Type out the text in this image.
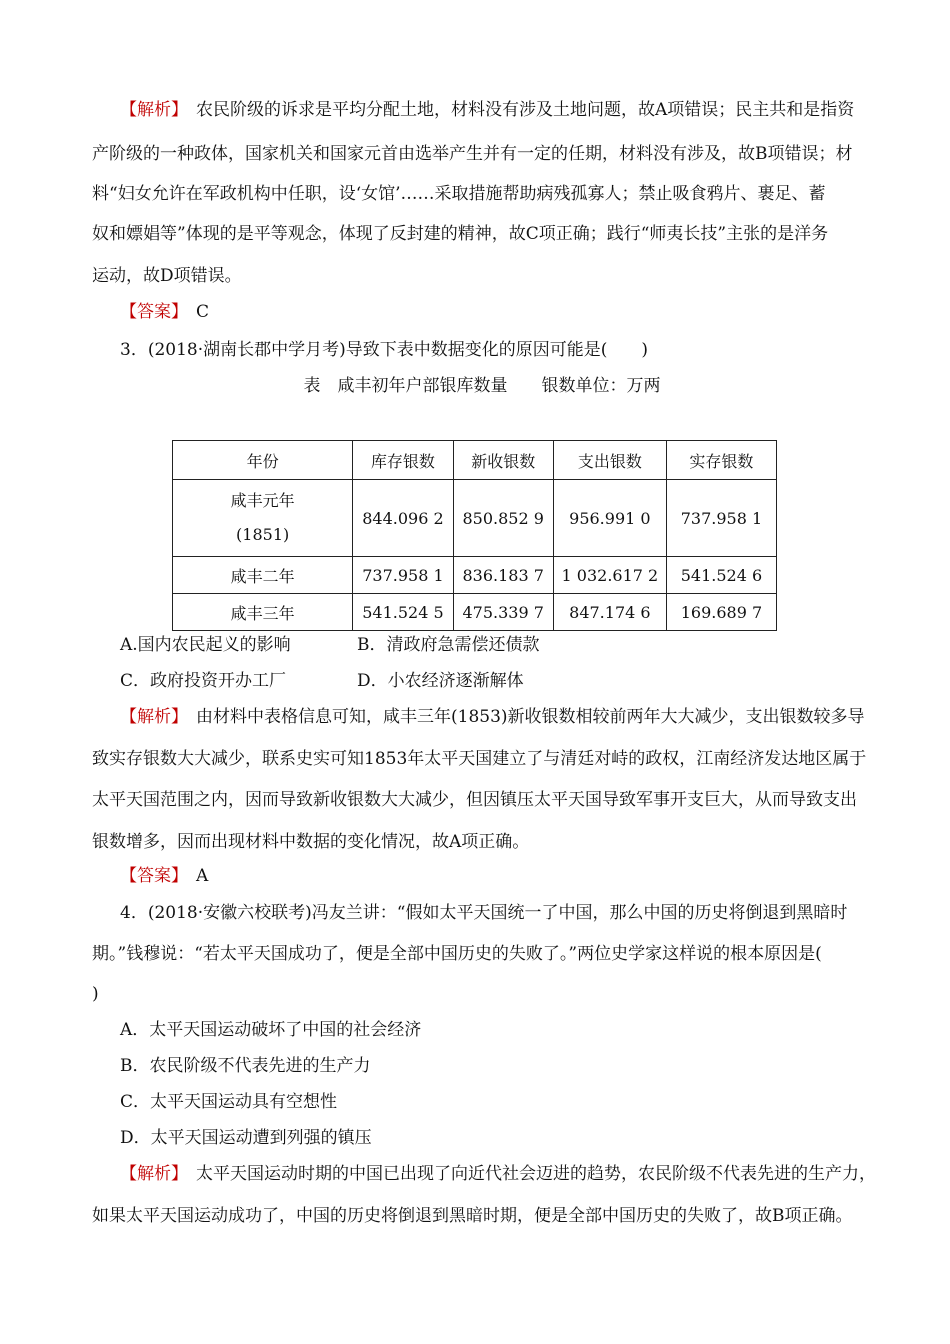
【解析】 农民阶级的诉求是平均分配土地，材料没有涉及土地问题，故A项错误；民主共和是指资
产阶级的一种政体，国家机关和国家元首由选举产生并有一定的任期，材料没有涉及，故B项错误；材
料“妇女允许在军政机构中任职，设‘女馆’……采取措施帮助病残孤寡人；禁止吸食鸦片、裹足、蓄
奴和嫖娼等”体现的是平等观念，体现了反封建的精神，故C项正确；践行“师夷长技”主张的是洋务
运动，故D项错误。
【答案】 C
3．(2018·湖南长郡中学月考)导致下表中数据变化的原因可能是(　　)
表　咸丰初年户部银库数量　　银数单位：万两
年份	库存银数	新收银数	支出银数	实存银数

咸丰元年
(1851)	844.096 2	850.852 9	956.991 0	737.958 1
咸丰二年	737.958 1	836.183 7	1 032.617 2	541.524 6
咸丰三年	541.524 5	475.339 7	847.174 6	169.689 7
A.国内农民起义的影响	B．清政府急需偿还债款
C．政府投资开办工厂	D．小农经济逐渐解体
【解析】 由材料中表格信息可知，咸丰三年(1853)新收银数相较前两年大大减少，支出银数较多导
致实存银数大大减少，联系史实可知1853年太平天国建立了与清廷对峙的政权，江南经济发达地区属于
太平天国范围之内，因而导致新收银数大大减少，但因镇压太平天国导致军事开支巨大，从而导致支出
银数增多，因而出现材料中数据的变化情况，故A项正确。
【答案】 A
4．(2018·安徽六校联考)冯友兰讲：“假如太平天国统一了中国，那么中国的历史将倒退到黑暗时
期。”钱穆说：“若太平天国成功了，便是全部中国历史的失败了。”两位史学家这样说的根本原因是(
)
A．太平天国运动破坏了中国的社会经济
B．农民阶级不代表先进的生产力
C．太平天国运动具有空想性
D．太平天国运动遭到列强的镇压
【解析】 太平天国运动时期的中国已出现了向近代社会迈进的趋势，农民阶级不代表先进的生产力，
如果太平天国运动成功了，中国的历史将倒退到黑暗时期，便是全部中国历史的失败了，故B项正确。
